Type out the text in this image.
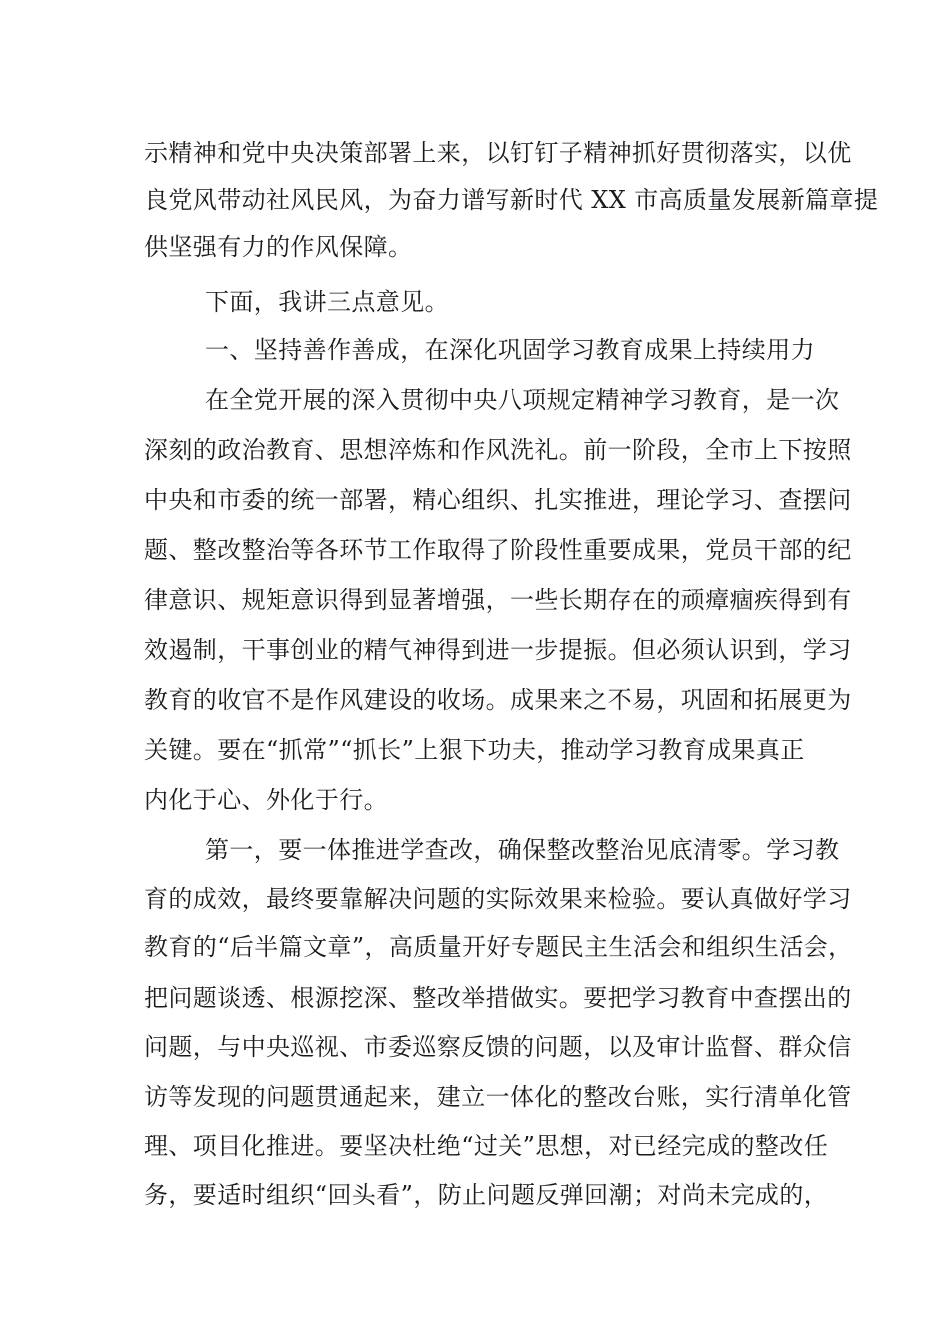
示精神和党中央决策部署上来，以钉钉子精神抓好贯彻落实，以优
良党风带动社风民风，为奋力谱写新时代 XX 市高质量发展新篇章提
供坚强有力的作风保障。
下面，我讲三点意见。
一、坚持善作善成，在深化巩固学习教育成果上持续用力
在全党开展的深入贯彻中央八项规定精神学习教育，是一次
深刻的政治教育、思想淬炼和作风洗礼。前一阶段，全市上下按照
中央和市委的统一部署，精心组织、扎实推进，理论学习、查摆问
题、整改整治等各环节工作取得了阶段性重要成果，党员干部的纪
律意识、规矩意识得到显著增强，一些长期存在的顽瘴痼疾得到有
效遏制，干事创业的精气神得到进一步提振。但必须认识到，学习
教育的收官不是作风建设的收场。成果来之不易，巩固和拓展更为
关键。要在“抓常”“抓长”上狠下功夫，推动学习教育成果真正
内化于心、外化于行。
第一，要一体推进学查改，确保整改整治见底清零。学习教
育的成效，最终要靠解决问题的实际效果来检验。要认真做好学习
教育的“后半篇文章”，高质量开好专题民主生活会和组织生活会，
把问题谈透、根源挖深、整改举措做实。要把学习教育中查摆出的
问题，与中央巡视、市委巡察反馈的问题，以及审计监督、群众信
访等发现的问题贯通起来，建立一体化的整改台账，实行清单化管
理、项目化推进。要坚决杜绝“过关”思想，对已经完成的整改任
务，要适时组织“回头看”，防止问题反弹回潮；对尚未完成的，
